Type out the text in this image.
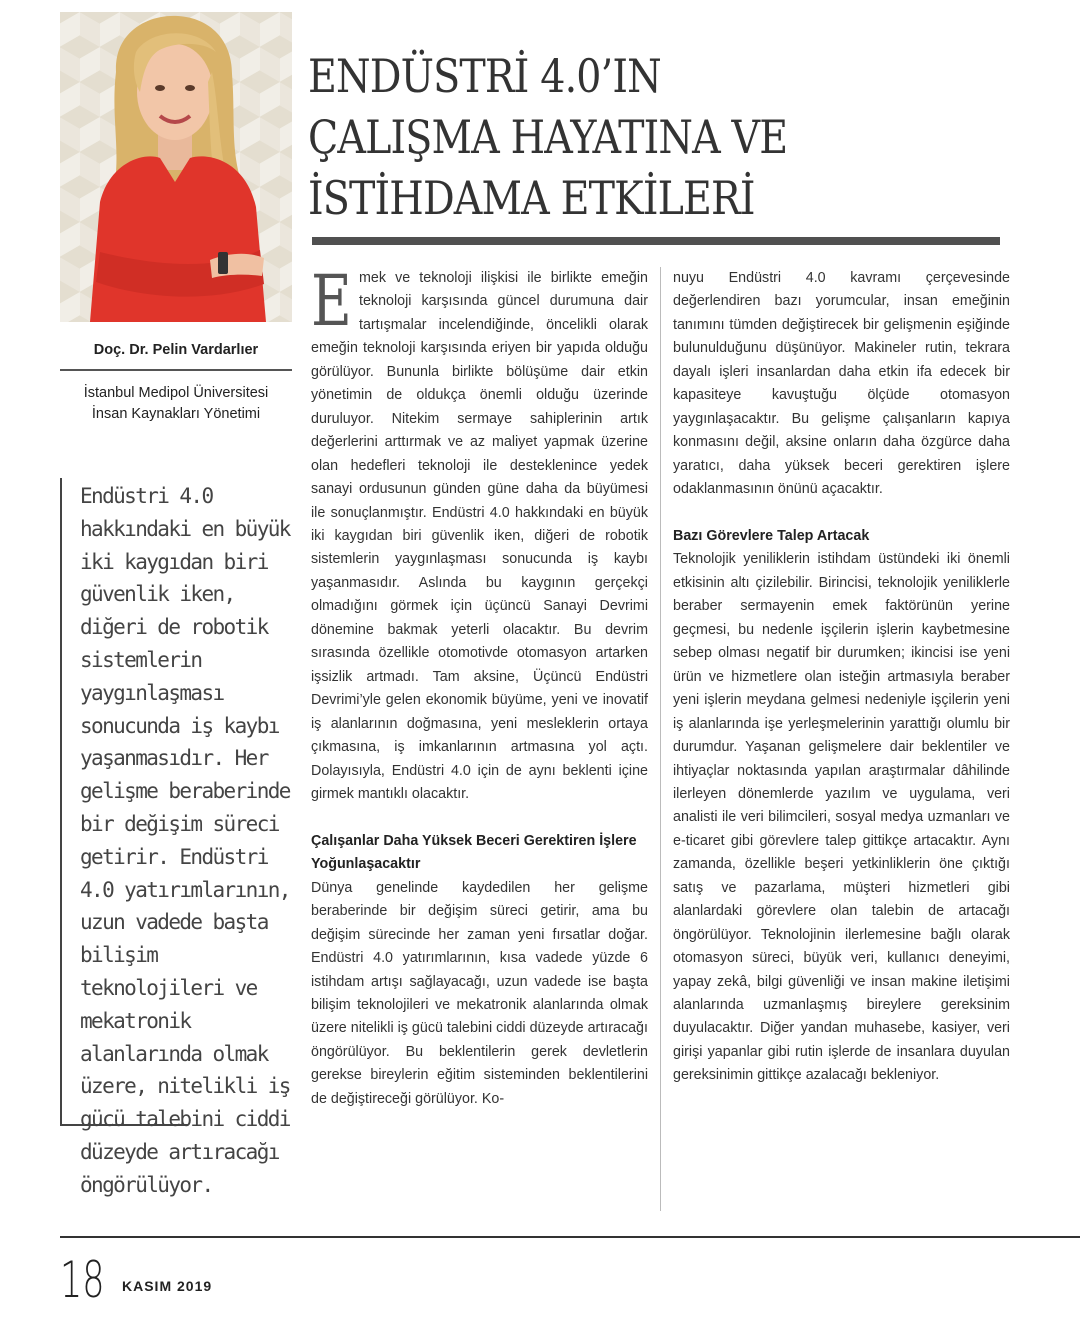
Doç. Dr. Pelin Vardarlıer
İstanbul Medipol Üniversitesi
İnsan Kaynakları Yönetimi
Endüstri 4.0 hakkındaki en büyük iki kaygıdan biri güvenlik iken, diğeri de robotik sistemlerin yaygınlaşması sonucunda iş kaybı yaşanmasıdır. Her gelişme beraberinde bir değişim süreci getirir. Endüstri 4.0 yatırımlarının, uzun vadede başta bilişim teknolojileri ve mekatronik alanlarında olmak üzere, nitelikli iş gücü talebini ciddi düzeyde artıracağı öngörülüyor.
ENDÜSTRİ 4.0’IN
ÇALIŞMA HAYATINA VE
İSTİHDAMA ETKİLERİ

Emek ve teknoloji ilişkisi ile birlikte emeğin teknoloji karşısında güncel durumuna dair tartışmalar incelendiğinde, öncelikli olarak emeğin teknoloji karşısında eriyen bir yapıda olduğu görülüyor. Bununla birlikte bölüşüme dair etkin yönetimin de oldukça önemli olduğu üzerinde duruluyor. Nitekim sermaye sahiplerinin artık değerlerini arttırmak ve az maliyet yapmak üzerine olan hedefleri teknoloji ile desteklenince yedek sanayi ordusunun günden güne daha da büyümesi ile sonuçlanmıştır. Endüstri 4.0 hakkındaki en büyük iki kaygıdan biri güvenlik iken, diğeri de robotik sistemlerin yaygınlaşması sonucunda iş kaybı yaşanmasıdır. Aslında bu kaygının gerçekçi olmadığını görmek için üçüncü Sanayi Devrimi dönemine bakmak yeterli olacaktır. Bu devrim sırasında özellikle otomotivde otomasyon artarken işsizlik artmadı. Tam aksine, Üçüncü Endüstri Devrimi’yle gelen ekonomik büyüme, yeni ve inovatif iş alanlarının doğmasına, yeni mesleklerin ortaya çıkmasına, iş imkanlarının artmasına yol açtı. Dolayısıyla, Endüstri 4.0 için de aynı beklenti içine girmek mantıklı olacaktır.

Çalışanlar Daha Yüksek Beceri Gerektiren İşlere Yoğunlaşacaktır

Dünya genelinde kaydedilen her gelişme beraberinde bir değişim süreci getirir, ama bu değişim sürecinde her zaman yeni fırsatlar doğar. Endüstri 4.0 yatırımlarının, kısa vadede yüzde 6 istihdam artışı sağlayacağı, uzun vadede ise başta bilişim teknolojileri ve mekatronik alanlarında olmak üzere nitelikli iş gücü talebini ciddi düzeyde artıracağı öngörülüyor. Bu beklentilerin gerek devletlerin gerekse bireylerin eğitim sisteminden beklentilerini de değiştireceği görülüyor. Ko-

nuyu Endüstri 4.0 kavramı çerçevesinde değerlendiren bazı yorumcular, insan emeğinin tanımını tümden değiştirecek bir gelişmenin eşiğinde bulunulduğunu düşünüyor. Makineler rutin, tekrara dayalı işleri insanlardan daha etkin ifa edecek bir kapasiteye kavuştuğu ölçüde otomasyon yaygınlaşacaktır. Bu gelişme çalışanların kapıya konmasını değil, aksine onların daha özgürce daha yaratıcı, daha yüksek beceri gerektiren işlere odaklanmasının önünü açacaktır.

Bazı Görevlere Talep Artacak

Teknolojik yeniliklerin istihdam üstündeki iki önemli etkisinin altı çizilebilir. Birincisi, teknolojik yeniliklerle beraber sermayenin emek faktörünün yerine geçmesi, bu nedenle işçilerin işlerin kaybetmesine sebep olması negatif bir durumken; ikincisi ise yeni ürün ve hizmetlere olan isteğin artmasıyla beraber yeni işlerin meydana gelmesi nedeniyle işçilerin yeni iş alanlarında işe yerleşmelerinin yarattığı olumlu bir durumdur. Yaşanan gelişmelere dair beklentiler ve ihtiyaçlar noktasında yapılan araştırmalar dâhilinde ilerleyen dönemlerde yazılım ve uygulama, veri analisti ile veri bilimcileri, sosyal medya uzmanları ve e-ticaret gibi görevlere talep gittikçe artacaktır. Aynı zamanda, özellikle beşeri yetkinliklerin öne çıktığı satış ve pazarlama, müşteri hizmetleri gibi alanlardaki görevlere olan talebin de artacağı öngörülüyor. Teknolojinin ilerlemesine bağlı olarak otomasyon süreci, büyük veri, kullanıcı deneyimi, yapay zekâ, bilgi güvenliği ve insan makine iletişimi alanlarında uzmanlaşmış bireylere gereksinim duyulacaktır. Diğer yandan muhasebe, kasiyer, veri girişi yapanlar gibi rutin işlerde de insanlara duyulan gereksinimin gittikçe azalacağı bekleniyor.

18 KASIM 2019
